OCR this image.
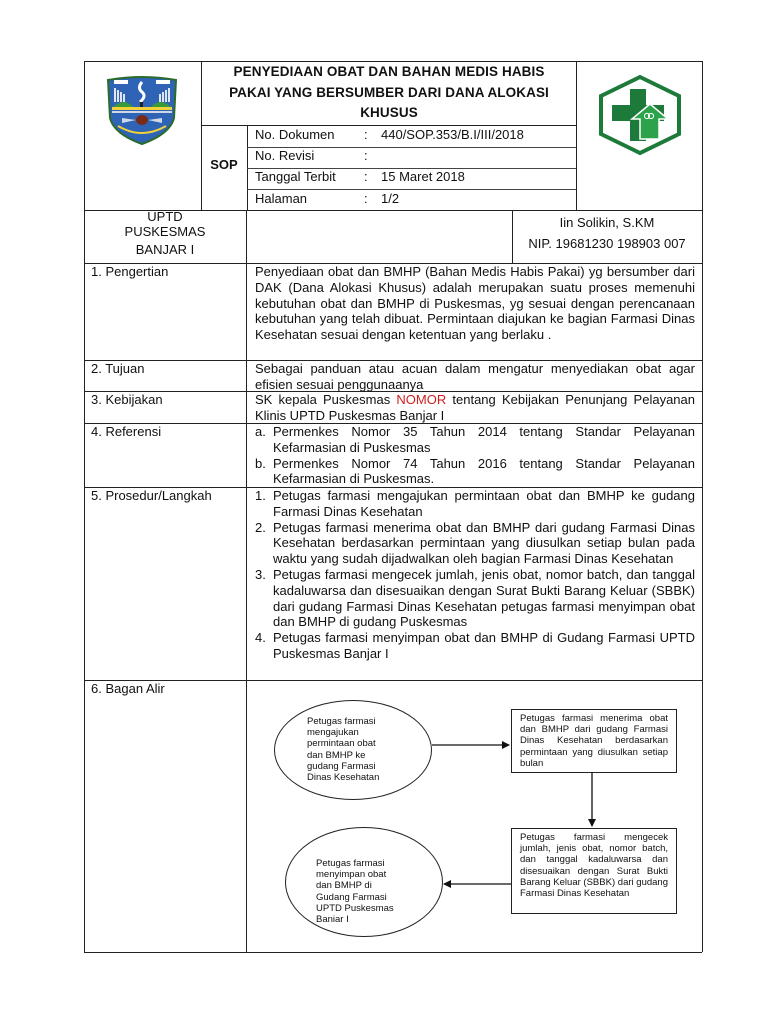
PENYEDIAAN OBAT DAN BAHAN MEDIS HABIS
PAKAI YANG BERSUMBER DARI DANA ALOKASI
KHUSUS
SOP
No. Dokumen	:	440/SOP.353/B.I/III/2018
No. Revisi	:
Tanggal Terbit	:	15 Maret 2018
Halaman	:	1/2
UPTD
PUSKESMAS
BANJAR I
Iin Solikin, S.KM
NIP. 19681230 198903 007
1. Pengertian	Penyediaan obat dan BMHP (Bahan Medis Habis Pakai) yg bersumber dari DAK (Dana Alokasi Khusus) adalah merupakan suatu proses memenuhi kebutuhan obat dan BMHP di Puskesmas, yg sesuai dengan perencanaan kebutuhan yang telah dibuat. Permintaan diajukan ke bagian Farmasi Dinas Kesehatan sesuai dengan ketentuan yang berlaku .
2. Tujuan	Sebagai panduan atau acuan dalam mengatur menyediakan obat agar efisien sesuai penggunaanya
3. Kebijakan	SK kepala Puskesmas NOMOR tentang Kebijakan Penunjang Pelayanan Klinis UPTD Puskesmas Banjar I
4. Referensi	a. Permenkes Nomor 35 Tahun 2014 tentang Standar Pelayanan Kefarmasian di Puskesmas
b. Permenkes Nomor 74 Tahun 2016 tentang Standar Pelayanan Kefarmasian di Puskesmas.
5. Prosedur/Langkah	1. Petugas farmasi mengajukan permintaan obat dan BMHP ke gudang Farmasi Dinas Kesehatan
2. Petugas farmasi menerima obat dan BMHP dari gudang Farmasi Dinas Kesehatan berdasarkan permintaan yang diusulkan setiap bulan pada waktu yang sudah dijadwalkan oleh bagian Farmasi Dinas Kesehatan
3. Petugas farmasi mengecek jumlah, jenis obat, nomor batch, dan tanggal kadaluwarsa dan disesuaikan dengan Surat Bukti Barang Keluar (SBBK) dari gudang Farmasi Dinas Kesehatan petugas farmasi menyimpan obat dan BMHP di gudang Puskesmas
4. Petugas farmasi menyimpan obat dan BMHP di Gudang Farmasi UPTD Puskesmas Banjar I
6. Bagan Alir
Petugas farmasi
mengajukan
permintaan obat
dan BMHP ke
gudang Farmasi
Dinas Kesehatan
Petugas farmasi menerima obat dan BMHP dari gudang Farmasi Dinas Kesehatan berdasarkan permintaan yang diusulkan setiap bulan
Petugas farmasi mengecek jumlah, jenis obat, nomor batch, dan tanggal kadaluwarsa dan disesuaikan dengan Surat Bukti Barang Keluar (SBBK) dari gudang Farmasi Dinas Kesehatan
Petugas farmasi
menyimpan obat
dan BMHP di
Gudang Farmasi
UPTD Puskesmas
Baniar I
